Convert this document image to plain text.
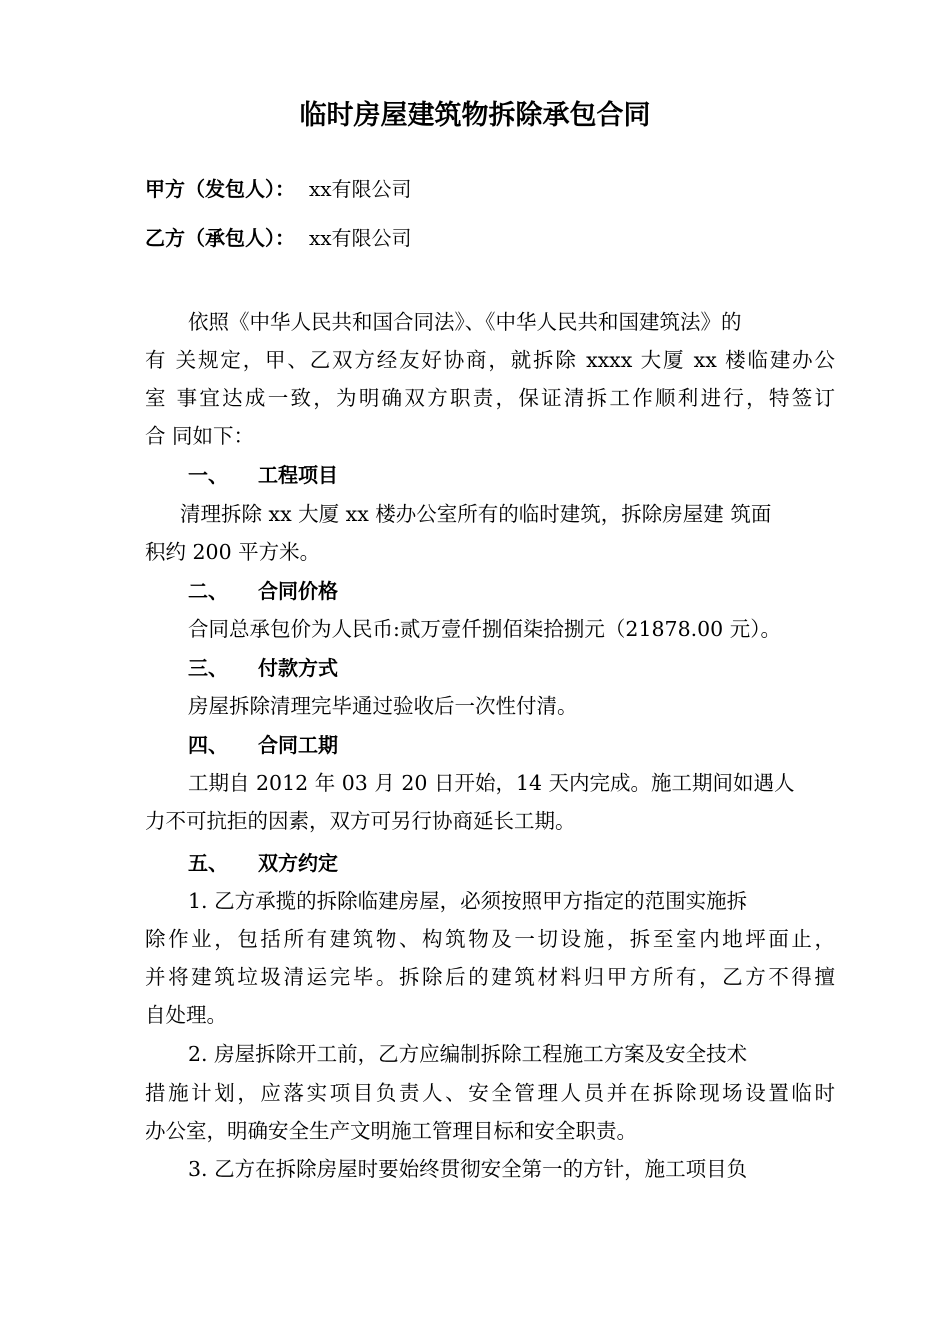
临时房屋建筑物拆除承包合同
甲方（发包人）： xx有限公司
乙方（承包人）： xx有限公司
依照《中华人民共和国合同法》、《中华人民共和国建筑法》的
有 关规定，甲、乙双方经友好协商，就拆除 xxxx 大厦 xx 楼临建办公
室 事宜达成一致，为明确双方职责，保证清拆工作顺利进行，特签订
合 同如下：
一、 工程项目
清理拆除 xx 大厦 xx 楼办公室所有的临时建筑，拆除房屋建 筑面
积约 200 平方米。
二、 合同价格
合同总承包价为人民币:贰万壹仟捌佰柒拾捌元（21878.00 元）。
三、 付款方式
房屋拆除清理完毕通过验收后一次性付清。
四、 合同工期
工期自 2012 年 03 月 20 日开始，14 天内完成。施工期间如遇人
力不可抗拒的因素，双方可另行协商延长工期。
五、 双方约定
1. 乙方承揽的拆除临建房屋，必须按照甲方指定的范围实施拆
除作业，包括所有建筑物、构筑物及一切设施，拆至室内地坪面止，
并将建筑垃圾清运完毕。拆除后的建筑材料归甲方所有，乙方不得擅
自处理。
2. 房屋拆除开工前，乙方应编制拆除工程施工方案及安全技术
措施计划，应落实项目负责人、安全管理人员并在拆除现场设置临时
办公室，明确安全生产文明施工管理目标和安全职责。
3. 乙方在拆除房屋时要始终贯彻安全第一的方针，施工项目负
